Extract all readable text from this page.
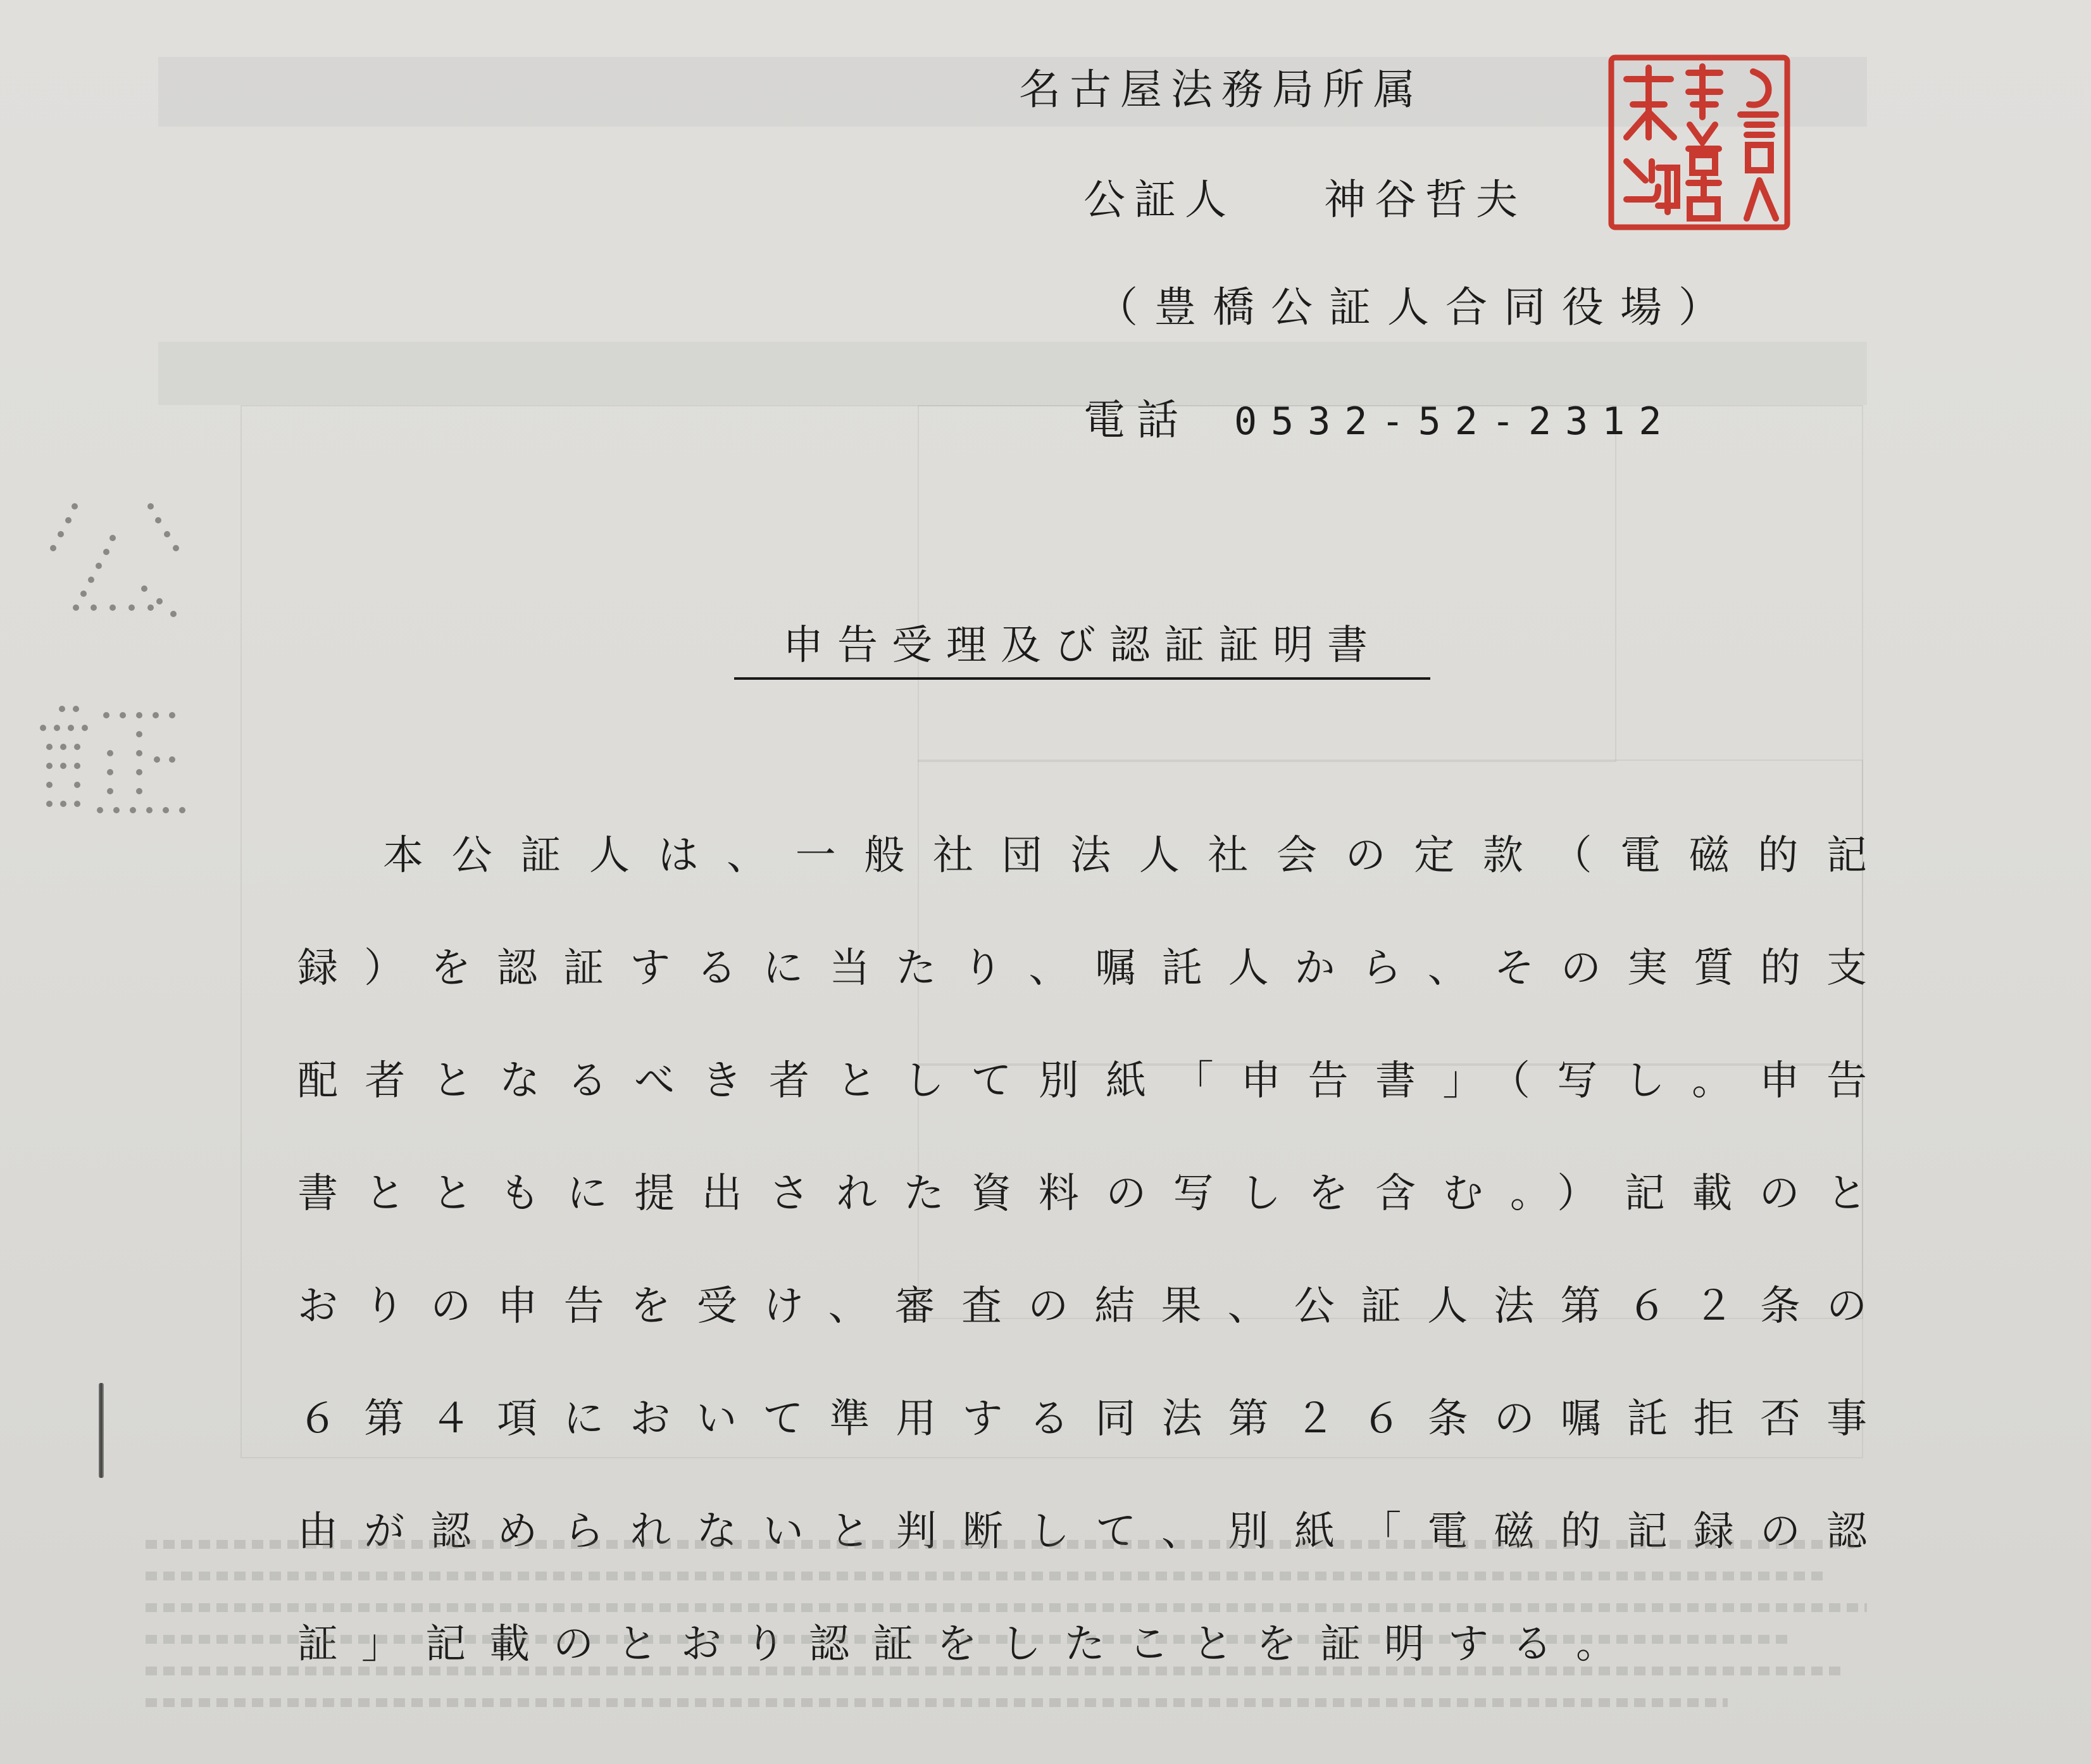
名古屋法務局所属
公証人 神谷哲夫
（豊橋公証人合同役場）
電話 0532-52-2312
申告受理及び認証証明書
本公証人は、一般社団法人社会の定款（電磁的記
録）を認証するに当たり、嘱託人から、その実質的支
配者となるべき者として別紙「申告書」（写し。申告
書とともに提出された資料の写しを含む。）記載のと
おりの申告を受け、審査の結果、公証人法第６２条の
６第４項において準用する同法第２６条の嘱託拒否事
由が認められないと判断して、別紙「電磁的記録の認
証」記載のとおり認証をしたことを証明する。
